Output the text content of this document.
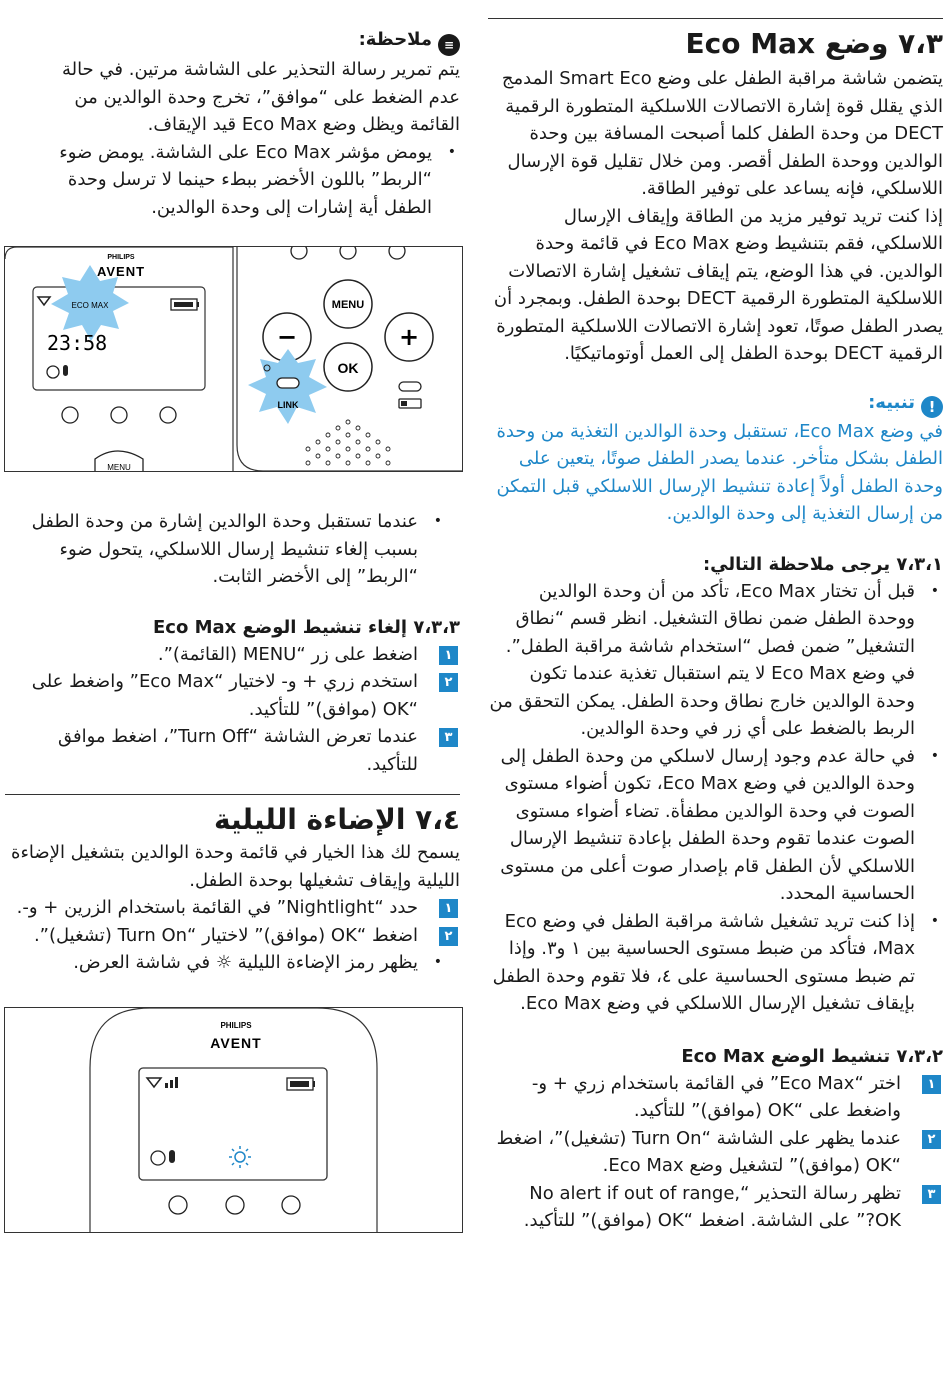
٧،٣ وضع Eco Max

يتضمن شاشة مراقبة الطفل على وضع Smart Eco المدمج الذي يقلل قوة إشارة الاتصالات اللاسلكية المتطورة الرقمية DECT من وحدة الطفل كلما أصبحت المسافة بين وحدة الوالدين ووحدة الطفل أقصر. ومن خلال تقليل قوة الإرسال اللاسلكي، فإنه يساعد على توفير الطاقة.

إذا كنت تريد توفير مزيد من الطاقة وإيقاف الإرسال اللاسلكي، فقم بتنشيط وضع Eco Max في قائمة وحدة الوالدين. في هذا الوضع، يتم إيقاف تشغيل إشارة الاتصالات اللاسلكية المتطورة الرقمية DECT بوحدة الطفل. وبمجرد أن يصدر الطفل صوتًا، تعود إشارة الاتصالات اللاسلكية المتطورة الرقمية DECT بوحدة الطفل إلى العمل أوتوماتيكيًا.

!تنبيه:

في وضع Eco Max، تستقبل وحدة الوالدين التغذية من وحدة الطفل بشكل متأخر. عندما يصدر الطفل صوتًا، يتعين على وحدة الطفل أولاً إعادة تنشيط الإرسال اللاسلكي قبل التمكن من إرسال التغذية إلى وحدة الوالدين.

٧،٣،١ يرجى ملاحظة التالي:

•
قبل أن تختار Eco Max، تأكد من أن وحدة الوالدين ووحدة الطفل ضمن نطاق التشغيل. انظر قسم “نطاق التشغيل” ضمن فصل “استخدام شاشة مراقبة الطفل”. في وضع Eco Max لا يتم استقبال تغذية عندما تكون وحدة الوالدين خارج نطاق وحدة الطفل. يمكن التحقق من الربط بالضغط على أي زر في وحدة الوالدين.

•
في حالة عدم وجود إرسال لاسلكي من وحدة الطفل إلى وحدة الوالدين في وضع Eco Max، تكون أضواء مستوى الصوت في وحدة الوالدين مطفأة. تضاء أضواء مستوى الصوت عندما تقوم وحدة الطفل بإعادة تنشيط الإرسال اللاسلكي لأن الطفل قام بإصدار صوت أعلى من مستوى الحساسية المحدد.

•
إذا كنت تريد تشغيل شاشة مراقبة الطفل في وضع Eco Max، فتأكد من ضبط مستوى الحساسية بين ١ و٣. وإذا تم ضبط مستوى الحساسية على ٤، فلا تقوم وحدة الطفل بإيقاف تشغيل الإرسال اللاسلكي في وضع Eco Max.

٧،٣،٢ تنشيط الوضع Eco Max

١
اختر “Eco Max” في القائمة باستخدام زري + و- واضغط على “OK (موافق)” للتأكيد.

٢
عندما يظهر على الشاشة “Turn On (تشغيل)”، اضغط “OK (موافق)” لتشغيل وضع Eco Max.

٣
تظهر رسالة التحذير “No alert if out of range, OK?” على الشاشة. اضغط “OK (موافق)” للتأكيد.

≡ملاحظة:

يتم تمرير رسالة التحذير على الشاشة مرتين. في حالة عدم الضغط على “موافق”، تخرج وحدة الوالدين من القائمة ويظل وضع Eco Max قيد الإيقاف.

•
يومض مؤشر Eco Max على الشاشة. يومض ضوء “الربط” باللون الأخضر ببطء حينما لا ترسل وحدة الطفل أية إشارات إلى وحدة الوالدين.

PHILIPS
AVENT
ECO MAX
23:58
MENU
MENU
−	+
OK
LINK

•
عندما تستقبل وحدة الوالدين إشارة من وحدة الطفل بسبب إلغاء تنشيط إرسال اللاسلكي، يتحول ضوء “الربط” إلى الأخضر الثابت.

٧،٣،٣ إلغاء تنشيط الوضع Eco Max

١
اضغط على زر “MENU (القائمة)”.

٢
استخدم زري + و- لاختيار “Eco Max” واضغط على “OK (موافق)” للتأكيد.

٣
عندما تعرض الشاشة “Turn Off”، اضغط موافق للتأكيد.

٧،٤ الإضاءة الليلية

يسمح لك هذا الخيار في قائمة وحدة الوالدين بتشغيل الإضاءة الليلية وإيقاف تشغيلها بوحدة الطفل.

١
حدد “Nightlight” في القائمة باستخدام الزرين + و-.

٢
اضغط “OK (موافق)” لاختيار “Turn On (تشغيل)”.

•
يظهر رمز الإضاءة الليلية ☼ في شاشة العرض.

PHILIPS
AVENT
